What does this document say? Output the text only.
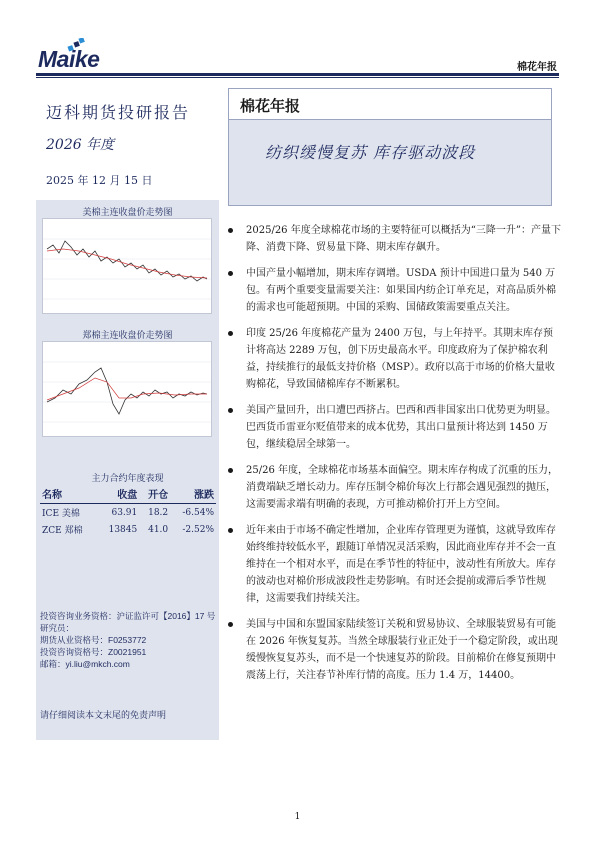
Maike	棉花年报
迈科期货投研报告
2026 年度
2025 年 12 月 15 日
棉花年报
纺织缓慢复苏 库存驱动波段
美棉主连收盘价走势图
郑棉主连收盘价走势图
主力合约年度表现
名称	收盘	开仓	涨跌
ICE 美棉	63.91	18.2	-6.54%
ZCE 郑棉	13845	41.0	-2.52%
投资咨询业务资格：沪证监许可【2016】17 号
研究员：
期货从业资格号：F0253772
投资咨询资格号：Z0021951
邮箱：yi.liu@mkch.com
请仔细阅读本文末尾的免责声明
2025/26 年度全球棉花市场的主要特征可以概括为“三降一升”：产量下降、消费下降、贸易量下降、期末库存飙升。
中国产量小幅增加，期末库存调增。USDA 预计中国进口量为 540 万包。有两个重要变量需要关注：如果国内纺企订单充足，对高品质外棉的需求也可能超预期。中国的采购、国储政策需要重点关注。
印度 25/26 年度棉花产量为 2400 万包，与上年持平。其期末库存预计将高达 2289 万包，创下历史最高水平。印度政府为了保护棉农利益，持续推行的最低支持价格（MSP）。政府以高于市场的价格大量收购棉花，导致国储棉库存不断累积。
美国产量回升，出口遭巴西挤占。巴西和西非国家出口优势更为明显。巴西货币雷亚尔贬值带来的成本优势，其出口量预计将达到 1450 万包，继续稳居全球第一。
25/26 年度，全球棉花市场基本面偏空。期末库存构成了沉重的压力，消费端缺乏增长动力。库存压制令棉价每次上行都会遇见强烈的抛压，这需要需求端有明确的表现，方可推动棉价打开上方空间。
近年来由于市场不确定性增加，企业库存管理更为谨慎，这就导致库存始终维持较低水平，跟随订单情况灵活采购，因此商业库存并不会一直维持在一个相对水平，而是在季节性的特征中，波动性有所放大。库存的波动也对棉价形成波段性走势影响。有时还会提前或滞后季节性规律，这需要我们持续关注。
美国与中国和东盟国家陆续签订关税和贸易协议、全球服装贸易有可能在 2026 年恢复复苏。当然全球服装行业正处于一个稳定阶段，或出现缓慢恢复复苏头，而不是一个快速复苏的阶段。目前棉价在修复预期中震荡上行，关注春节补库行情的高度。压力 1.4 万，14400。
1
